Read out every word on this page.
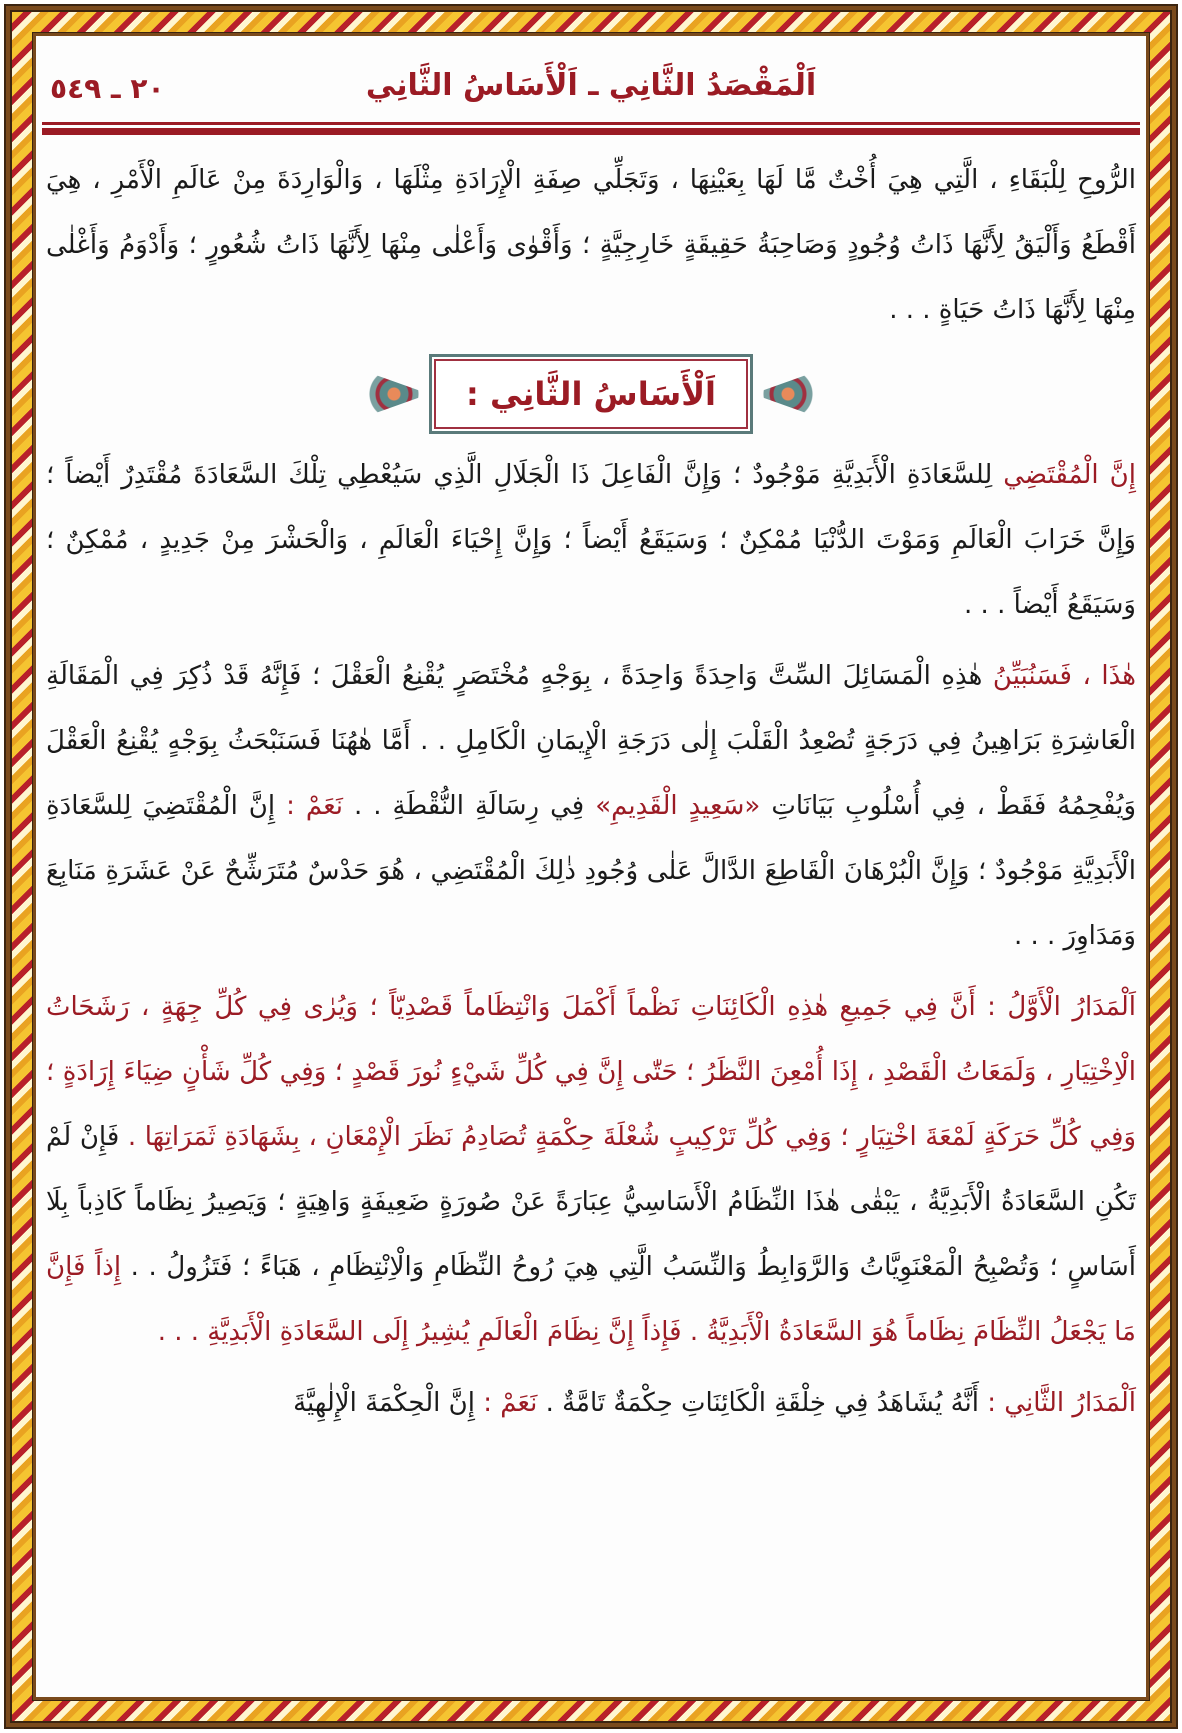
اَلْمَقْصَدُ الثَّانِي ـ اَلْأَسَاسُ الثَّانِي
٢٠ ـ ٥٤٩

الرُّوحِ لِلْبَقَاءِ ، الَّتِي هِيَ أُخْتٌ مَّا لَهَا بِعَيْنِهَا ، وَتَجَلِّي صِفَةِ الْإِرَادَةِ مِثْلَهَا ، وَالْوَارِدَةَ مِنْ عَالَمِ الْأَمْرِ ، هِيَ أَقْطَعُ وَأَلْيَقُ لِأَنَّهَا ذَاتُ وُجُودٍ وَصَاحِبَةُ حَقِيقَةٍ خَارِجِيَّةٍ ؛ وَأَقْوٰى وَأَعْلٰى مِنْهَا لِأَنَّهَا ذَاتُ شُعُورٍ ؛ وَأَدْوَمُ وَأَغْلٰى مِنْهَا لِأَنَّهَا ذَاتُ حَيَاةٍ . . .

اَلْأَسَاسُ الثَّانِي :

إِنَّ الْمُقْتَضِي لِلسَّعَادَةِ الْأَبَدِيَّةِ مَوْجُودٌ ؛ وَإِنَّ الْفَاعِلَ ذَا الْجَلَالِ الَّذِي سَيُعْطِي تِلْكَ السَّعَادَةَ مُقْتَدِرٌ أَيْضاً ؛ وَإِنَّ خَرَابَ الْعَالَمِ وَمَوْتَ الدُّنْيَا مُمْكِنٌ ؛ وَسَيَقَعُ أَيْضاً ؛ وَإِنَّ إِحْيَاءَ الْعَالَمِ ، وَالْحَشْرَ مِنْ جَدِيدٍ ، مُمْكِنٌ ؛ وَسَيَقَعُ أَيْضاً . . .

هٰذَا ، فَسَنُبَيِّنُ هٰذِهِ الْمَسَائِلَ السِّتَّ وَاحِدَةً وَاحِدَةً ، بِوَجْهٍ مُخْتَصَرٍ يُقْنِعُ الْعَقْلَ ؛ فَإِنَّهُ قَدْ ذُكِرَ فِي الْمَقَالَةِ الْعَاشِرَةِ بَرَاهِينُ فِي دَرَجَةٍ تُصْعِدُ الْقَلْبَ إِلٰى دَرَجَةِ الْإِيمَانِ الْكَامِلِ . . أَمَّا هٰهُنَا فَسَنَبْحَثُ بِوَجْهٍ يُقْنِعُ الْعَقْلَ وَيُفْحِمُهُ فَقَطْ ، فِي أُسْلُوبِ بَيَانَاتِ «سَعِيدٍ الْقَدِيمِ» فِي رِسَالَةِ النُّقْطَةِ . . نَعَمْ : إِنَّ الْمُقْتَضِيَ لِلسَّعَادَةِ الْأَبَدِيَّةِ مَوْجُودٌ ؛ وَإِنَّ الْبُرْهَانَ الْقَاطِعَ الدَّالَّ عَلٰى وُجُودِ ذٰلِكَ الْمُقْتَضِي ، هُوَ حَدْسٌ مُتَرَشِّحٌ عَنْ عَشَرَةِ مَنَابِعَ وَمَدَاوِرَ . . .

اَلْمَدَارُ الْأَوَّلُ : أَنَّ فِي جَمِيعِ هٰذِهِ الْكَائِنَاتِ نَظْماً أَكْمَلَ وَانْتِظَاماً قَصْدِيّاً ؛ وَيُرٰى فِي كُلِّ جِهَةٍ ، رَشَحَاتُ الْاِخْتِيَارِ ، وَلَمَعَاتُ الْقَصْدِ ، إِذَا أُمْعِنَ النَّظَرُ ؛ حَتّٰى إِنَّ فِي كُلِّ شَيْءٍ نُورَ قَصْدٍ ؛ وَفِي كُلِّ شَأْنٍ ضِيَاءَ إِرَادَةٍ ؛ وَفِي كُلِّ حَرَكَةٍ لَمْعَةَ اخْتِيَارٍ ؛ وَفِي كُلِّ تَرْكِيبٍ شُعْلَةَ حِكْمَةٍ تُصَادِمُ نَظَرَ الْإِمْعَانِ ، بِشَهَادَةِ ثَمَرَاتِهَا . فَإِنْ لَمْ تَكُنِ السَّعَادَةُ الْأَبَدِيَّةُ ، يَبْقٰى هٰذَا النِّظَامُ الْأَسَاسِيُّ عِبَارَةً عَنْ صُورَةٍ ضَعِيفَةٍ وَاهِيَةٍ ؛ وَيَصِيرُ نِظَاماً كَاذِباً بِلَا أَسَاسٍ ؛ وَتُصْبِحُ الْمَعْنَوِيَّاتُ وَالرَّوَابِطُ وَالنِّسَبُ الَّتِي هِيَ رُوحُ النِّظَامِ وَالْاِنْتِظَامِ ، هَبَاءً ؛ فَتَزُولُ . . إِذاً فَإِنَّ مَا يَجْعَلُ النِّظَامَ نِظَاماً هُوَ السَّعَادَةُ الْأَبَدِيَّةُ . فَإِذاً إِنَّ نِظَامَ الْعَالَمِ يُشِيرُ إِلَى السَّعَادَةِ الْأَبَدِيَّةِ . . .

اَلْمَدَارُ الثَّانِي : أَنَّهُ يُشَاهَدُ فِي خِلْقَةِ الْكَائِنَاتِ حِكْمَةٌ تَامَّةٌ . نَعَمْ : إِنَّ الْحِكْمَةَ الْإِلٰهِيَّةَ
